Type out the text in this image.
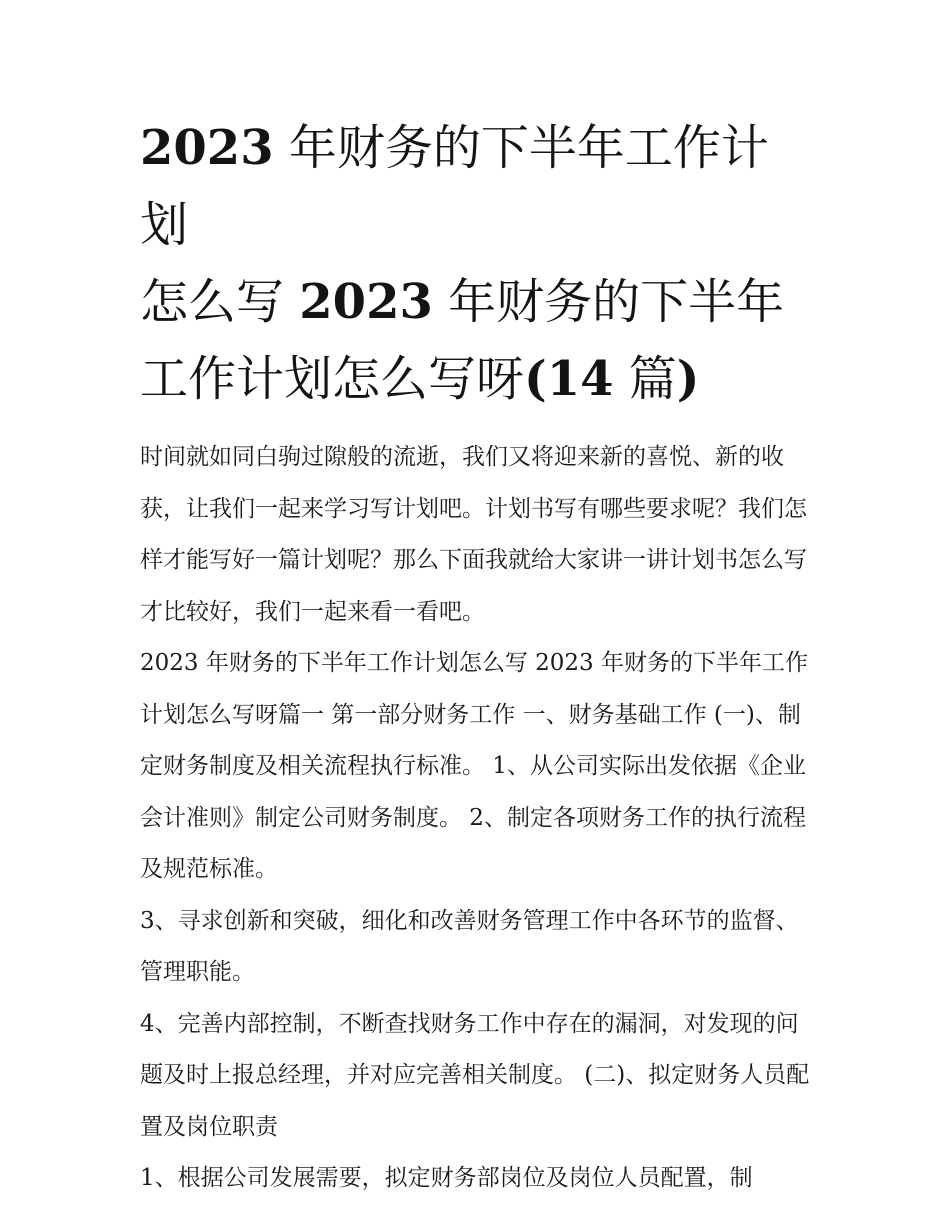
2023 年财务的下半年工作计划
怎么写 2023 年财务的下半年
工作计划怎么写呀(14 篇)

时间就如同白驹过隙般的流逝，我们又将迎来新的喜悦、新的收获，让我们一起来学习写计划吧。计划书写有哪些要求呢？我们怎样才能写好一篇计划呢？那么下面我就给大家讲一讲计划书怎么写才比较好，我们一起来看一看吧。

2023 年财务的下半年工作计划怎么写 2023 年财务的下半年工作计划怎么写呀篇一 第一部分财务工作 一、财务基础工作 (一)、制定财务制度及相关流程执行标准。 1、从公司实际出发依据《企业会计准则》制定公司财务制度。 2、制定各项财务工作的执行流程及规范标准。

3、寻求创新和突破，细化和改善财务管理工作中各环节的监督、管理职能。

4、完善内部控制，不断查找财务工作中存在的漏洞，对发现的问题及时上报总经理，并对应完善相关制度。 (二)、拟定财务人员配置及岗位职责

1、根据公司发展需要，拟定财务部岗位及岗位人员配置，制
